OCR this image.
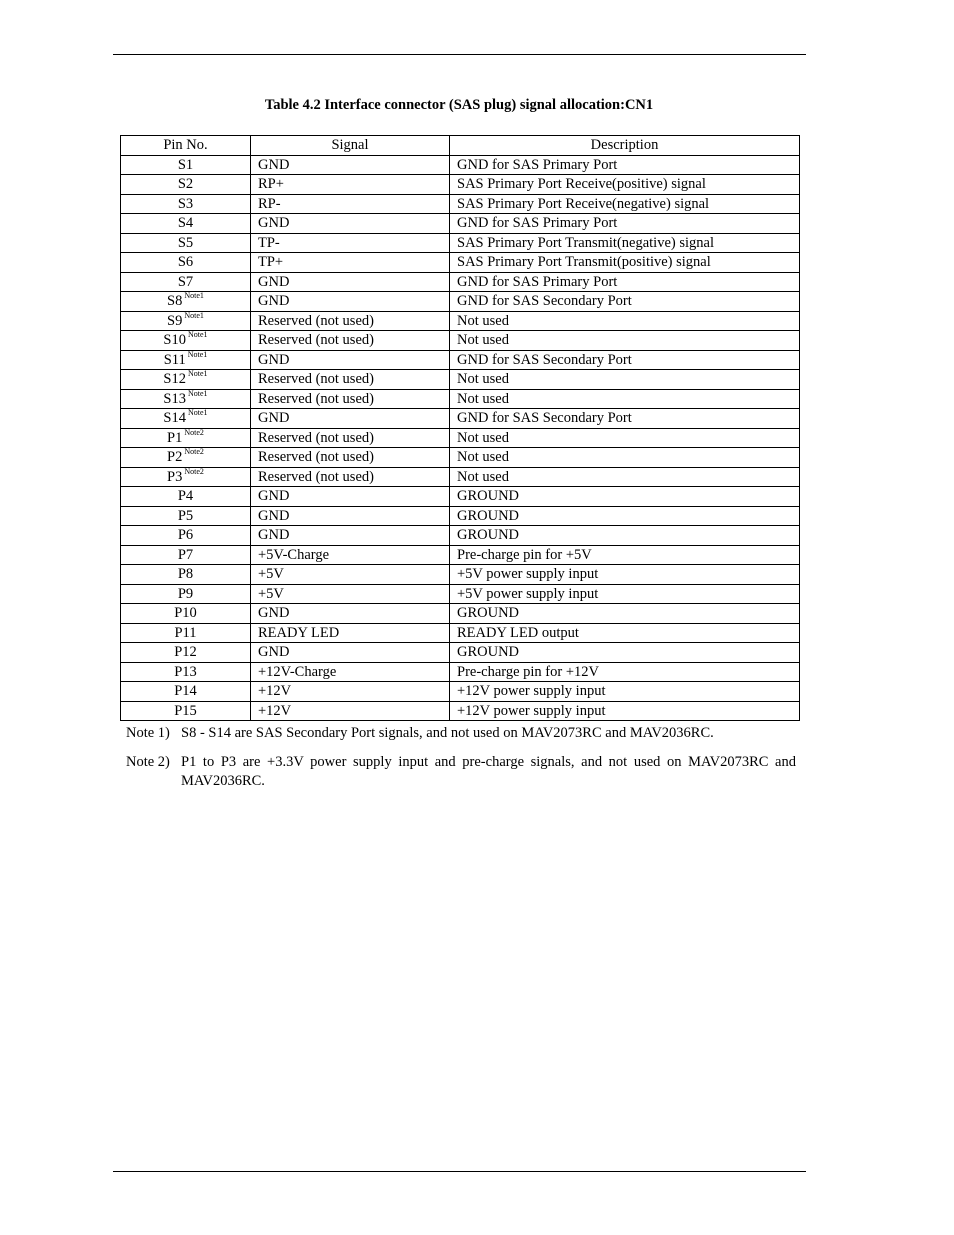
Table 4.2 Interface connector (SAS plug) signal allocation:CN1
Pin No.	Signal	Description
S1	GND	GND for SAS Primary Port
S2	RP+	SAS Primary Port Receive(positive) signal
S3	RP-	SAS Primary Port Receive(negative) signal
S4	GND	GND for SAS Primary Port
S5	TP-	SAS Primary Port Transmit(negative) signal
S6	TP+	SAS Primary Port Transmit(positive) signal
S7	GND	GND for SAS Primary Port
S8 $^{Note1}$	GND	GND for SAS Secondary Port
S9 $^{Note1}$	Reserved (not used)	Not used
S10 $^{Note1}$	Reserved (not used)	Not used
S11 $^{Note1}$	GND	GND for SAS Secondary Port
S12 $^{Note1}$	Reserved (not used)	Not used
S13 $^{Note1}$	Reserved (not used)	Not used
S14 $^{Note1}$	GND	GND for SAS Secondary Port
P1 $^{Note2}$	Reserved (not used)	Not used
P2 $^{Note2}$	Reserved (not used)	Not used
P3 $^{Note2}$	Reserved (not used)	Not used
P4	GND	GROUND
P5	GND	GROUND
P6	GND	GROUND
P7	+5V-Charge	Pre-charge pin for +5V
P8	+5V	+5V power supply input
P9	+5V	+5V power supply input
P10	GND	GROUND
P11	READY LED	READY LED output
P12	GND	GROUND
P13	+12V-Charge	Pre-charge pin for +12V
P14	+12V	+12V power supply input
P15	+12V	+12V power supply input
Note 1) S8 - S14 are SAS Secondary Port signals, and not used on MAV2073RC and MAV2036RC.
Note 2) P1 to P3 are +3.3V power supply input and pre-charge signals, and not used on MAV2073RC and MAV2036RC.
